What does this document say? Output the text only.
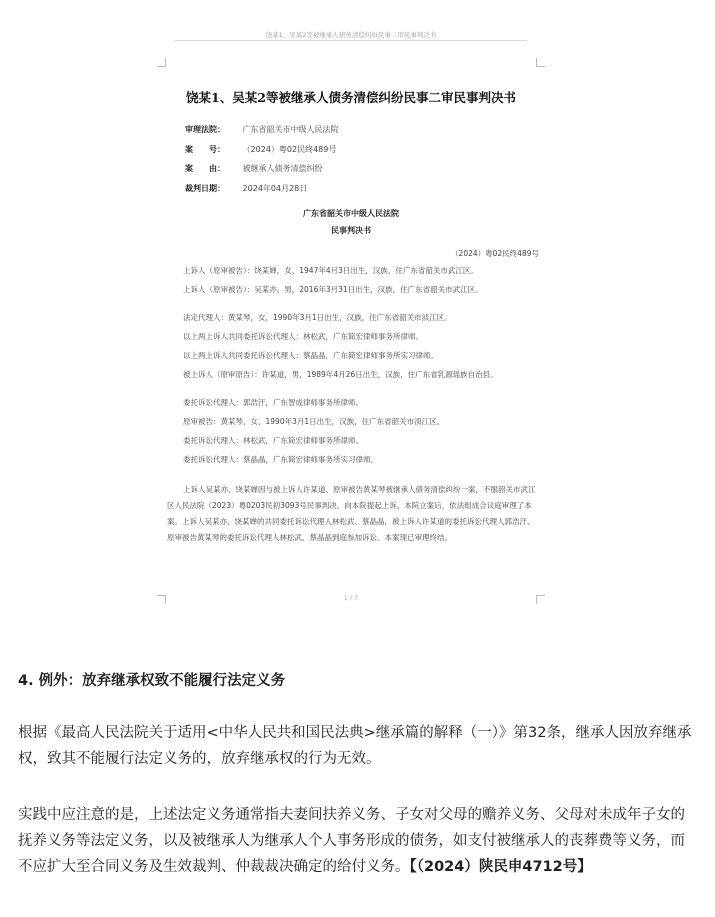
饶某1、吴某2等被继承人债务清偿纠纷民事二审民事判决书
饶某1、吴某2等被继承人债务清偿纠纷民事二审民事判决书
审理法院： 广东省韶关市中级人民法院
案　　号： （2024）粤02民终489号
案　　由： 被继承人债务清偿纠纷
裁判日期： 2024年04月28日
广东省韶关市中级人民法院
民事判决书
（2024）粤02民终489号

上诉人（原审被告）：饶某婵，女，1947年4月3日出生，汉族，住广东省韶关市武江区。

上诉人（原审被告）：吴某亦，男，2016年3月31日出生，汉族，住广东省韶关市武江区。

法定代理人：黄某琴，女，1990年3月1日出生，汉族，住广东省韶关市浈江区。

以上两上诉人共同委托诉讼代理人：林松武，广东简宏律师事务所律师。

以上两上诉人共同委托诉讼代理人：蔡晶晶，广东简宏律师事务所实习律师。

被上诉人（原审原告）：许某道，男，1989年4月26日出生，汉族，住广东省乳源瑶族自治县。

委托诉讼代理人：郭浩汗，广东智成律师事务所律师。

原审被告：黄某琴，女，1990年3月1日出生，汉族，住广东省韶关市浈江区。

委托诉讼代理人：林松武，广东简宏律师事务所律师。

委托诉讼代理人：蔡晶晶，广东简宏律师事务所实习律师。

上诉人吴某亦、饶某婵因与被上诉人许某道、原审被告黄某琴被继承人债务清偿纠纷一案，不服韶关市武江区人民法院（2023）粤0203民初3093号民事判决，向本院提起上诉。本院立案后，依法组成合议庭审理了本案。上诉人吴某亦、饶某婵的共同委托诉讼代理人林松武、蔡晶晶，被上诉人许某道的委托诉讼代理人郭浩汗、原审被告黄某琴的委托诉讼代理人林松武、蔡晶晶到庭参加诉讼。本案现已审理终结。

1 / 7
4. 例外：放弃继承权致不能履行法定义务
根据《最高人民法院关于适用<中华人民共和国民法典>继承篇的解释（一）》第32条，继承人因放弃继承权，致其不能履行法定义务的，放弃继承权的行为无效。
实践中应注意的是，上述法定义务通常指夫妻间扶养义务、子女对父母的赡养义务、父母对未成年子女的抚养义务等法定义务，以及被继承人为继承人个人事务形成的债务，如支付被继承人的丧葬费等义务，而不应扩大至合同义务及生效裁判、仲裁裁决确定的给付义务。【（2024）陕民申4712号】
